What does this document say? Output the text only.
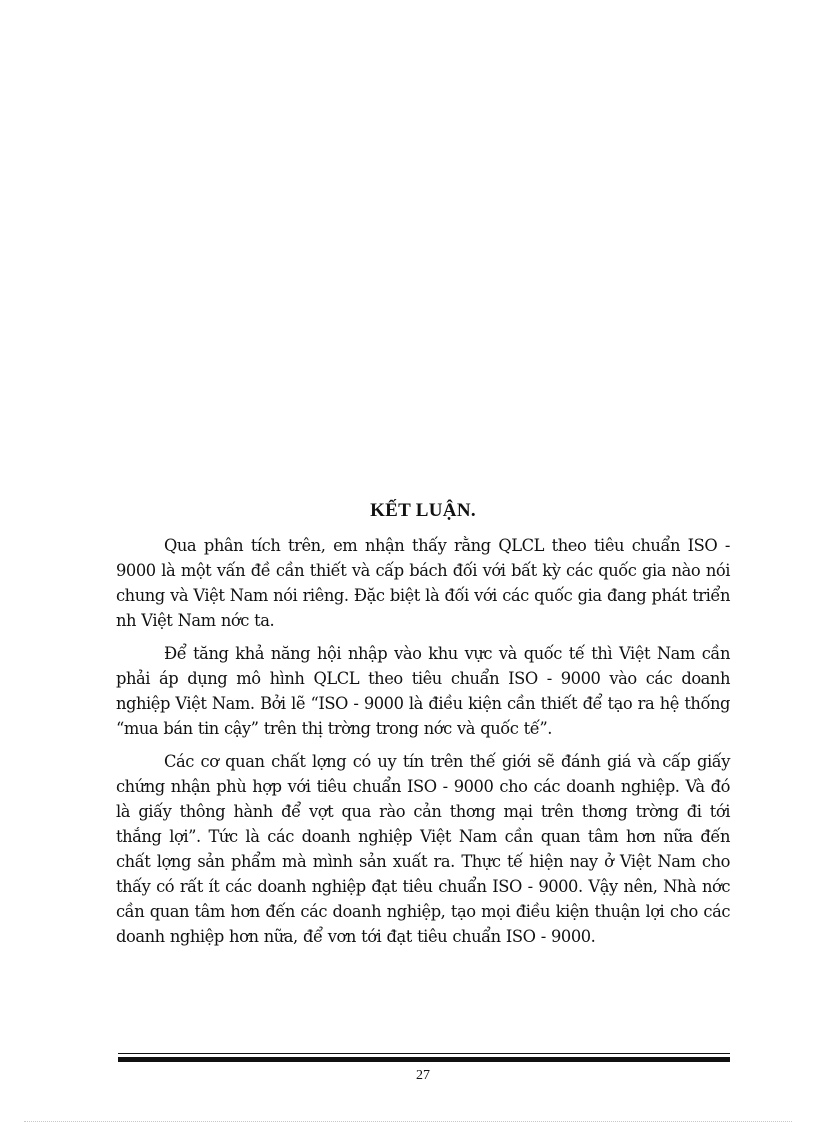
KẾT LUẬN.

Qua phân tích trên, em nhận thấy rằng QLCL theo tiêu chuẩn ISO - 9000 là một vấn đề cần thiết và cấp bách đối với bất kỳ các quốc gia nào nói chung và Việt Nam nói riêng. Đặc biệt là đối với các quốc gia đang phát triển nh Việt Nam nớc ta.

Để tăng khả năng hội nhập vào khu vực và quốc tế thì Việt Nam cần phải áp dụng mô hình QLCL theo tiêu chuẩn ISO - 9000 vào các doanh nghiệp Việt Nam. Bởi lẽ “ISO - 9000 là điều kiện cần thiết để tạo ra hệ thống “mua bán tin cậy” trên thị trờng trong nớc và quốc tế”.

Các cơ quan chất lợng có uy tín trên thế giới sẽ đánh giá và cấp giấy chứng nhận phù hợp với tiêu chuẩn ISO - 9000 cho các doanh nghiệp. Và đó là giấy thông hành để vợt qua rào cản thơng mại trên thơng trờng đi tới thắng lợi”. Tức là các doanh nghiệp Việt Nam cần quan tâm hơn nữa đến chất lợng sản phẩm mà mình sản xuất ra. Thực tế hiện nay ở Việt Nam cho thấy có rất ít các doanh nghiệp đạt tiêu chuẩn ISO - 9000. Vậy nên, Nhà nớc cần quan tâm hơn đến các doanh nghiệp, tạo mọi điều kiện thuận lợi cho các doanh nghiệp hơn nữa, để vơn tới đạt tiêu chuẩn ISO - 9000.

27
